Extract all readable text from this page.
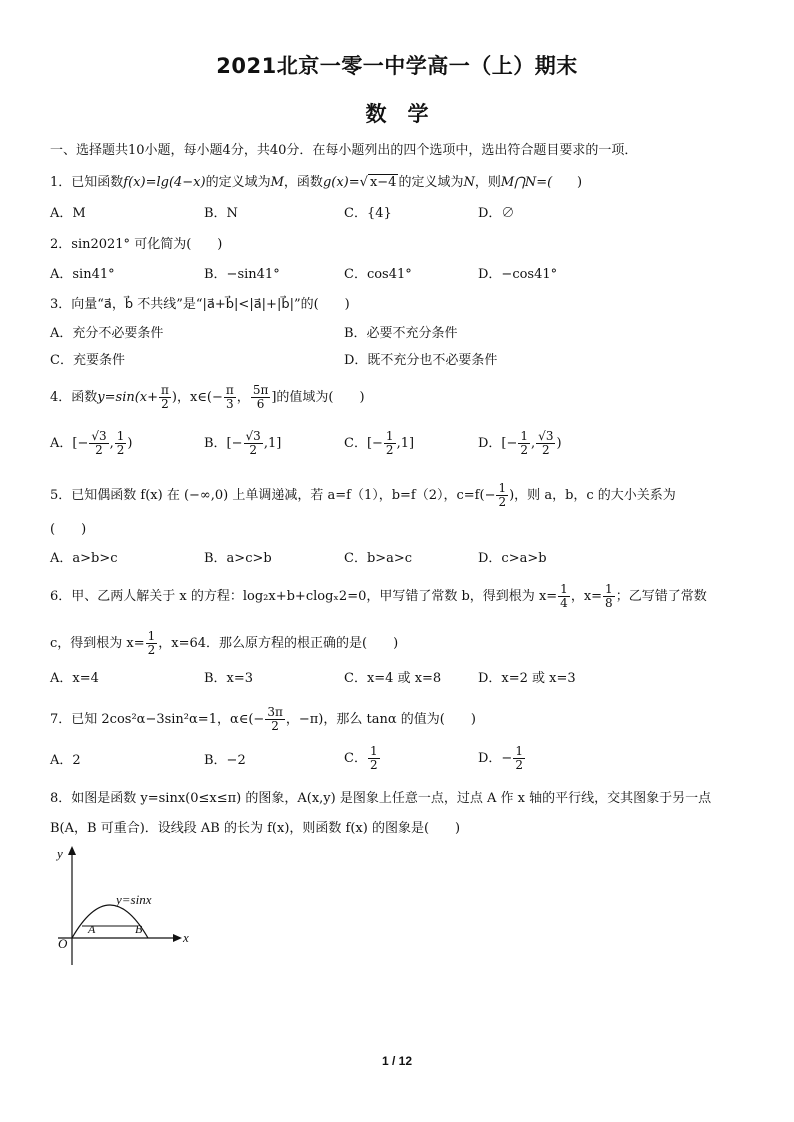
2021北京一零一中学高一（上）期末
数　学
一、选择题共10小题，每小题4分，共40分．在每小题列出的四个选项中，选出符合题目要求的一项．
1．已知函数f(x)=lg(4−x)的定义域为M，函数g(x)=√ x−4 的定义域为N，则M⋂N=( )
A．M	B．N	C．{4}	D．∅
2．sin2021° 可化简为(　　)
A．sin41°	B．−sin41°	C．cos41°	D．−cos41°
3．向量“a⃗，b⃗ 不共线”是“|a⃗+b⃗|<|a⃗|+|b⃗|”的(　　)
A．充分不必要条件	B．必要不充分条件
C．充要条件	D．既不充分也不必要条件
4．函数$y=\sin(x+ \frac{\pi}{2}$ )，x∈(− $\frac{\pi}{3}$ ， $\frac{5\pi}{6}$ ]的值域为(　　)
A．[− $\frac{√3}{2}$ , $\frac{1}{2}$ )	B．[− $\frac{√3}{2} ,1$]	C．[− $\frac{1}{2} ,1$]	D．[− $\frac{1}{2}$ , $\frac{√3}{2}$ )
5．已知偶函数 f(x) 在 (−∞,0) 上单调递减，若 a=f（1），b=f（2），$c=f(- \frac{1}{2}$ )，则 a，b，c 的大小关系为
(　　)
A．a>b>c	B．a>c>b	C．b>a>c	D．c>a>b
6．甲、乙两人解关于 x 的方程：log₂x+b+clogₓ2=0，甲写错了常数 b，得到根为 $x= \frac{1}{4}$ ，$x= \frac{1}{8}$ ；乙写错了常数
c，得到根为 $x= \frac{1}{2}$ ，x=64．那么原方程的根正确的是(　　)
A．x=4	B．x=3	C．x=4 或 x=8	D．x=2 或 x=3
7．已知 2cos²α−3sin²α=1，α∈(− $\frac{3\pi}{2}$ ，−π)，那么 tanα 的值为(　　)
A．2	B．−2	C． $\frac{1}{2}$	D．− $\frac{1}{2}$
8．如图是函数 y=sinx(0≤x≤π) 的图象，A(x,y) 是图象上任意一点，过点 A 作 x 轴的平行线，交其图象于另一点
B(A，B 可重合)．设线段 AB 的长为 f(x)，则函数 f(x) 的图象是(　　)
y
x
O
y=sinx
A	B
1 / 12
